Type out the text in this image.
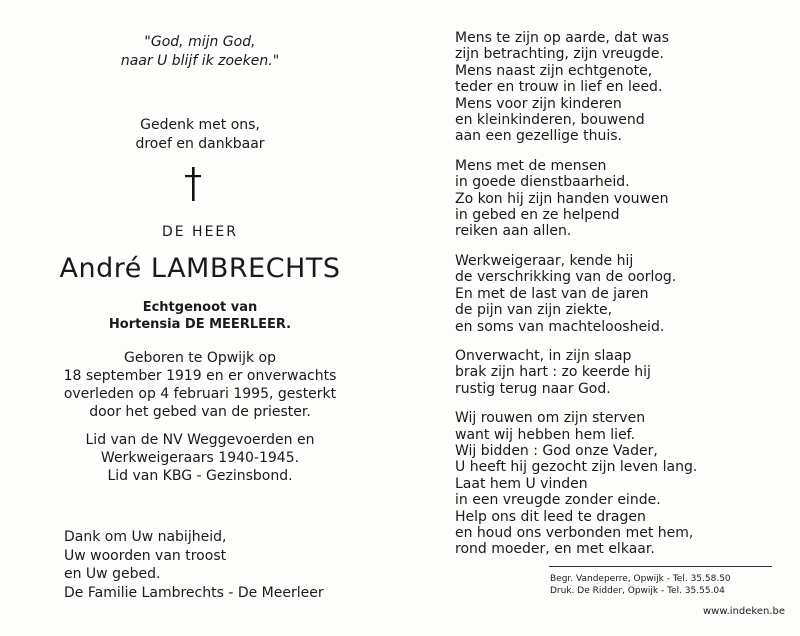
"God, mijn God,
naar U blijf ik zoeken."
Gedenk met ons,
droef en dankbaar
DE HEER
André LAMBRECHTS
Echtgenoot van
Hortensia DE MEERLEER.
Geboren te Opwijk op
18 september 1919 en er onverwachts
overleden op 4 februari 1995, gesterkt
door het gebed van de priester.
Lid van de NV Weggevoerden en
Werkweigeraars 1940-1945.
Lid van KBG - Gezinsbond.
Dank om Uw nabijheid,
Uw woorden van troost
en Uw gebed.
De Familie Lambrechts - De Meerleer
Mens te zijn op aarde, dat was
zijn betrachting, zijn vreugde.
Mens naast zijn echtgenote,
teder en trouw in lief en leed.
Mens voor zijn kinderen
en kleinkinderen, bouwend
aan een gezellige thuis.
Mens met de mensen
in goede dienstbaarheid.
Zo kon hij zijn handen vouwen
in gebed en ze helpend
reiken aan allen.
Werkweigeraar, kende hij
de verschrikking van de oorlog.
En met de last van de jaren
de pijn van zijn ziekte,
en soms van machteloosheid.
Onverwacht, in zijn slaap
brak zijn hart : zo keerde hij
rustig terug naar God.
Wij rouwen om zijn sterven
want wij hebben hem lief.
Wij bidden : God onze Vader,
U heeft hij gezocht zijn leven lang.
Laat hem U vinden
in een vreugde zonder einde.
Help ons dit leed te dragen
en houd ons verbonden met hem,
rond moeder, en met elkaar.
Begr. Vandeperre, Opwijk - Tel. 35.58.50
Druk. De Ridder, Opwijk - Tel. 35.55.04
www.indeken.be
